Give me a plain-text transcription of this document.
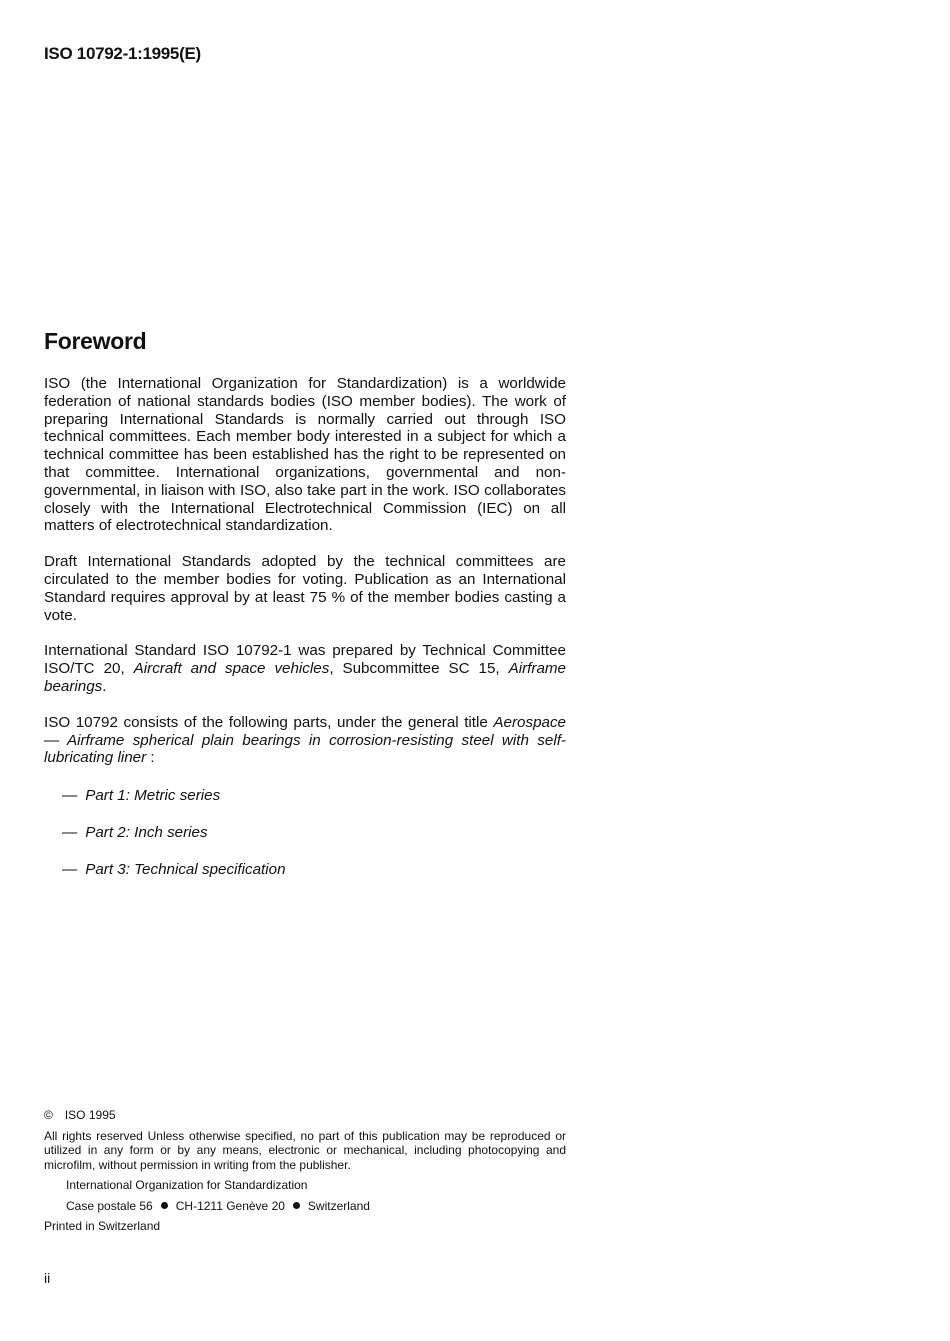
ISO 10792-1:1995(E)
Foreword

ISO (the International Organization for Standardization) is a worldwide federation of national standards bodies (ISO member bodies). The work of preparing International Standards is normally carried out through ISO technical committees. Each member body interested in a subject for which a technical committee has been established has the right to be represented on that committee. International organizations, governmental and non-governmental, in liaison with ISO, also take part in the work. ISO collaborates closely with the International Electrotechnical Commission (IEC) on all matters of electrotechnical standardization.

Draft International Standards adopted by the technical committees are circulated to the member bodies for voting. Publication as an International Standard requires approval by at least 75 % of the member bodies casting a vote.

International Standard ISO 10792-1 was prepared by Technical Committee ISO/TC 20, Aircraft and space vehicles, Subcommittee SC 15, Airframe bearings.

ISO 10792 consists of the following parts, under the general title Aerospace — Airframe spherical plain bearings in corrosion-resisting steel with self-lubricating liner :

— Part 1: Metric series
— Part 2: Inch series
— Part 3: Technical specification
© ISO 1995
All rights reserved Unless otherwise specified, no part of this publication may be reproduced or utilized in any form or by any means, electronic or mechanical, including photocopying and microfilm, without permission in writing from the publisher.
International Organization for Standardization
Case postale 56 CH-1211 Genève 20 Switzerland
Printed in Switzerland
ii
